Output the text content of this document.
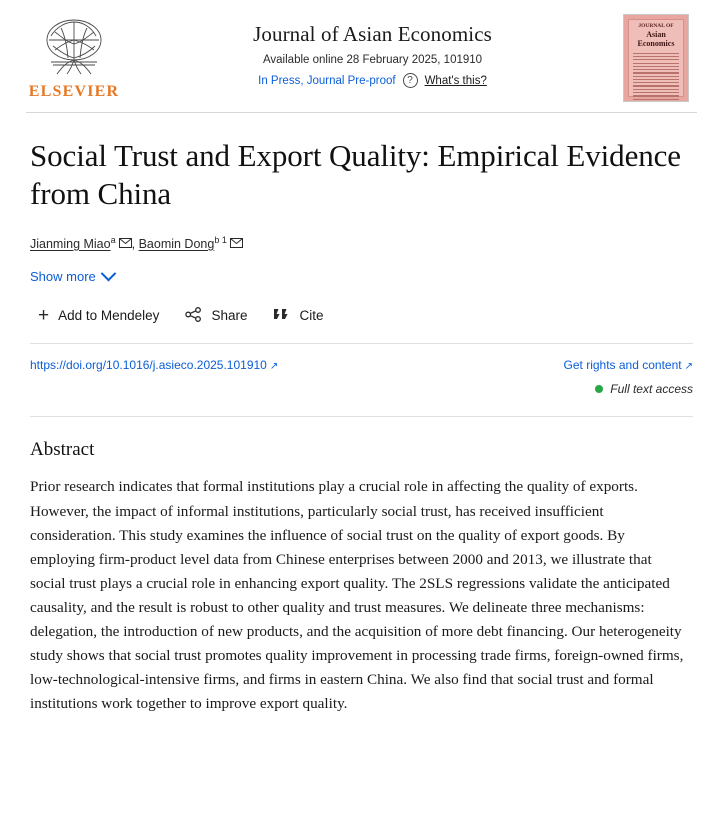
ELSEVIER
Journal of Asian Economics
Available online 28 February 2025, 101910
In Press, Journal Pre-proof	?	What's this?
JOURNAL OF
Asian
Economics
Social Trust and Export Quality: Empirical Evidence from China
Jianming Miao$^a$ , Baomin Dong$^{b 1}$
Show more
+ Add to Mendeley	Share	Cite
https://doi.org/10.1016/j.asieco.2025.101910 ↗	Get rights and content ↗
Full text access
Abstract

Prior research indicates that formal institutions play a crucial role in affecting the quality of exports. However, the impact of informal institutions, particularly social trust, has received insufficient consideration. This study examines the influence of social trust on the quality of export goods. By employing firm-product level data from Chinese enterprises between 2000 and 2013, we illustrate that social trust plays a crucial role in enhancing export quality. The 2SLS regressions validate the anticipated causality, and the result is robust to other quality and trust measures. We delineate three mechanisms: delegation, the introduction of new products, and the acquisition of more debt financing. Our heterogeneity study shows that social trust promotes quality improvement in processing trade firms, foreign-owned firms, low-technological-intensive firms, and firms in eastern China. We also find that social trust and formal institutions work together to improve export quality.
